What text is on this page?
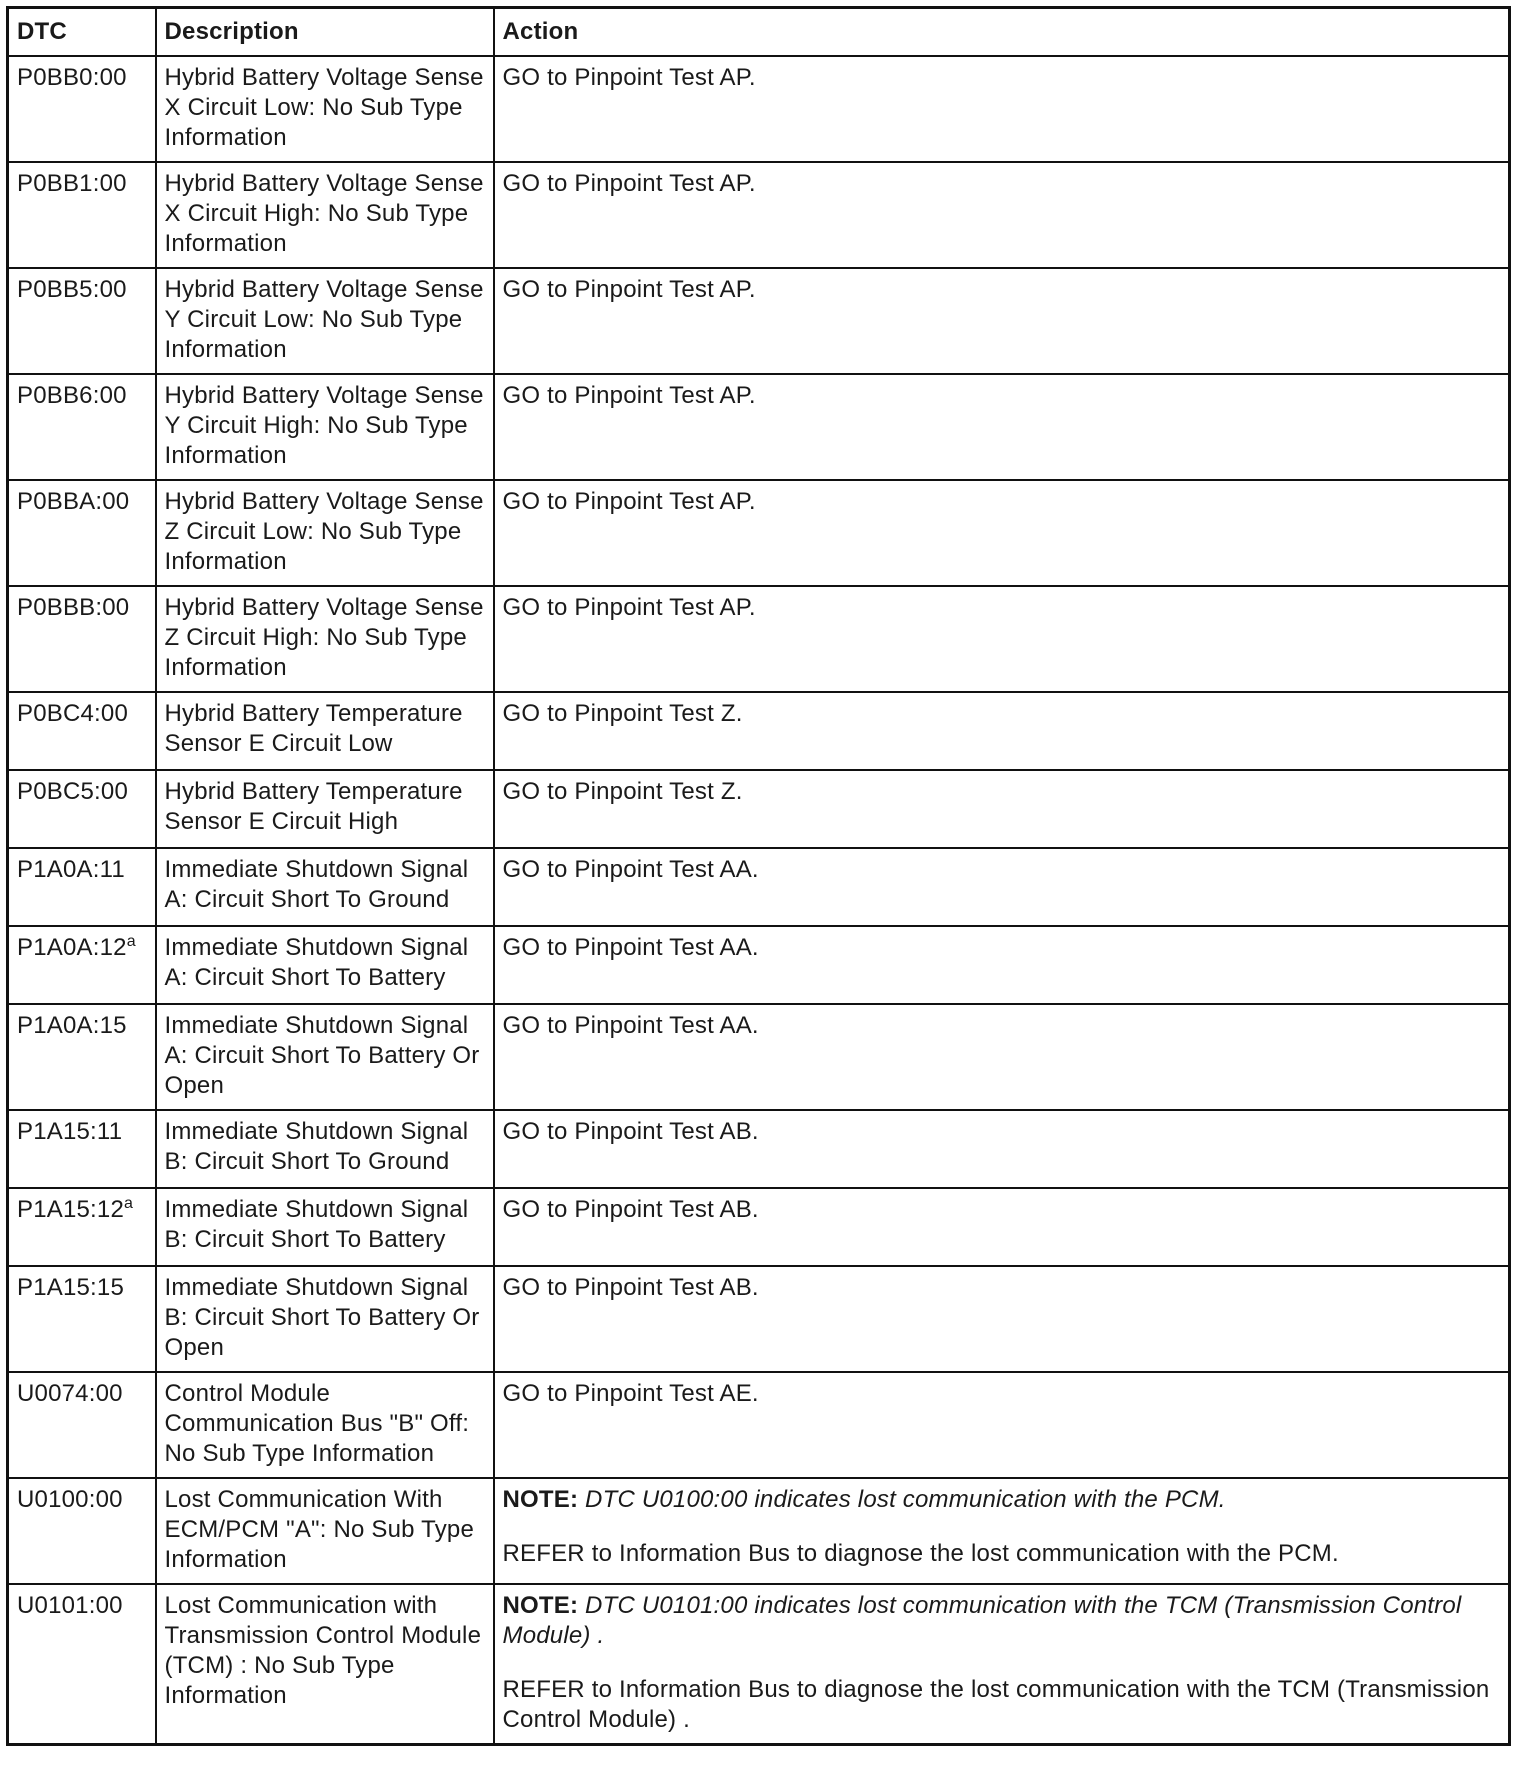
DTC	Description	Action
P0BB0:00	Hybrid Battery Voltage Sense X Circuit Low: No Sub Type Information	GO to Pinpoint Test AP.
P0BB1:00	Hybrid Battery Voltage Sense X Circuit High: No Sub Type Information	GO to Pinpoint Test AP.
P0BB5:00	Hybrid Battery Voltage Sense Y Circuit Low: No Sub Type Information	GO to Pinpoint Test AP.
P0BB6:00	Hybrid Battery Voltage Sense Y Circuit High: No Sub Type Information	GO to Pinpoint Test AP.
P0BBA:00	Hybrid Battery Voltage Sense Z Circuit Low: No Sub Type Information	GO to Pinpoint Test AP.
P0BBB:00	Hybrid Battery Voltage Sense Z Circuit High: No Sub Type Information	GO to Pinpoint Test AP.
P0BC4:00	Hybrid Battery Temperature Sensor E Circuit Low	GO to Pinpoint Test Z.
P0BC5:00	Hybrid Battery Temperature Sensor E Circuit High	GO to Pinpoint Test Z.
P1A0A:11	Immediate Shutdown Signal A: Circuit Short To Ground	GO to Pinpoint Test AA.
P1A0A:12$^a$	Immediate Shutdown Signal A: Circuit Short To Battery	GO to Pinpoint Test AA.
P1A0A:15	Immediate Shutdown Signal A: Circuit Short To Battery Or Open	GO to Pinpoint Test AA.
P1A15:11	Immediate Shutdown Signal B: Circuit Short To Ground	GO to Pinpoint Test AB.
P1A15:12$^a$	Immediate Shutdown Signal B: Circuit Short To Battery	GO to Pinpoint Test AB.
P1A15:15	Immediate Shutdown Signal B: Circuit Short To Battery Or Open	GO to Pinpoint Test AB.
U0074:00	Control Module Communication Bus "B" Off: No Sub Type Information	GO to Pinpoint Test AE.
U0100:00	Lost Communication With ECM/PCM "A": No Sub Type Information	NOTE: DTC U0100:00 indicates lost communication with the PCM.

REFER to Information Bus to diagnose the lost communication with the PCM.

U0101:00	Lost Communication with Transmission Control Module (TCM) : No Sub Type Information	NOTE: DTC U0101:00 indicates lost communication with the TCM (Transmission Control Module) .

REFER to Information Bus to diagnose the lost communication with the TCM (Transmission Control Module) .
